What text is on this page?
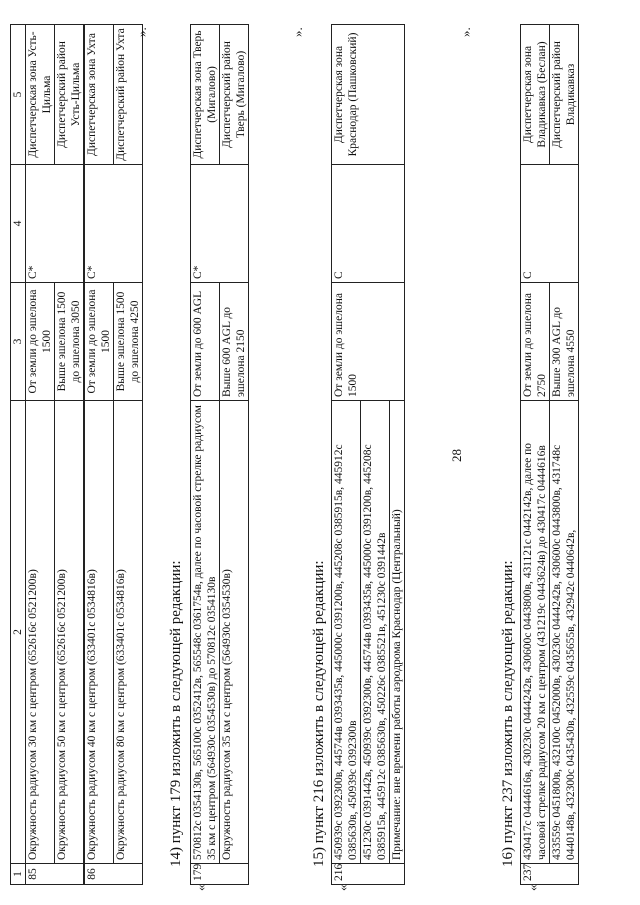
28
1	2	3	4	5
85	Окружность радиусом 30 км с центром (652616с 0521200в)	От земли до эшелона 1500	C*	Диспетчерская зона Усть-Цильма
	Окружность радиусом 50 км с центром (652616с 0521200в)	Выше эшелона 1500 до эшелона 3050		Диспетчерский район Усть-Цильма
86	Окружность радиусом 40 км с центром (633401с 0534816в)	От земли до эшелона 1500	C*	Диспетчерская зона Ухта
	Окружность радиусом 80 км с центром (633401с 0534816в)	Выше эшелона 1500 до эшелона 4250		Диспетчерский район Ухта ».
«
14) пункт 179 изложить в следующей редакции:
179	570812с 0354130в, 565100с 0352412в, 565548с 0361754в, далее по часовой стрелке радиусом 35 км с центром (564930с 0354530в) до 570812с 0354130в	От земли до 600 AGL	C*	Диспетчерская зона Тверь (Мигалово)
	Окружность радиусом 35 км с центром (564930с 0354530в)	Выше 600 AGL до эшелона 2150		Диспетчерский район Тверь (Мигалово)
».
«
15) пункт 216 изложить в следующей редакции:
216	450939с 0392300в, 445744в 0393435в, 445000с 0391200в, 445208с 0385915в, 445912с 0385630в, 450939с 0392300в	От земли до эшелона 1500	C	Диспетчерская зона Краснодар (Пашковский)
451230с 0391442в, 450939с 0392300в, 445744в 0393435в, 445000с 0391200в, 445208с 0385915в, 445912с 0385630в, 450226с 0385521в, 451230с 0391442в
Примечание: вне времени работы аэродрома Краснодар (Центральный)
».
«
16) пункт 237 изложить в следующей редакции:
237	430417с 0444616в, 430230с 0444242в, 430600с 0443800в, 431121с 0442142в, далее по часовой стрелке радиусом 20 км с центром (431219с 0443624в) до 430417с 0444616в	От земли до эшелона 2750	C	Диспетчерская зона Владикавказ (Беслан)
	433559с 0451800в, 432100с 0452000в, 430230с 0444242в, 430600с 0443800в, 431748с 0440148в, 432300с 0435430в, 432559с 0435655в, 432942с 0440642в,	Выше 300 AGL до эшелона 4550		Диспетчерский район Владикавказ
